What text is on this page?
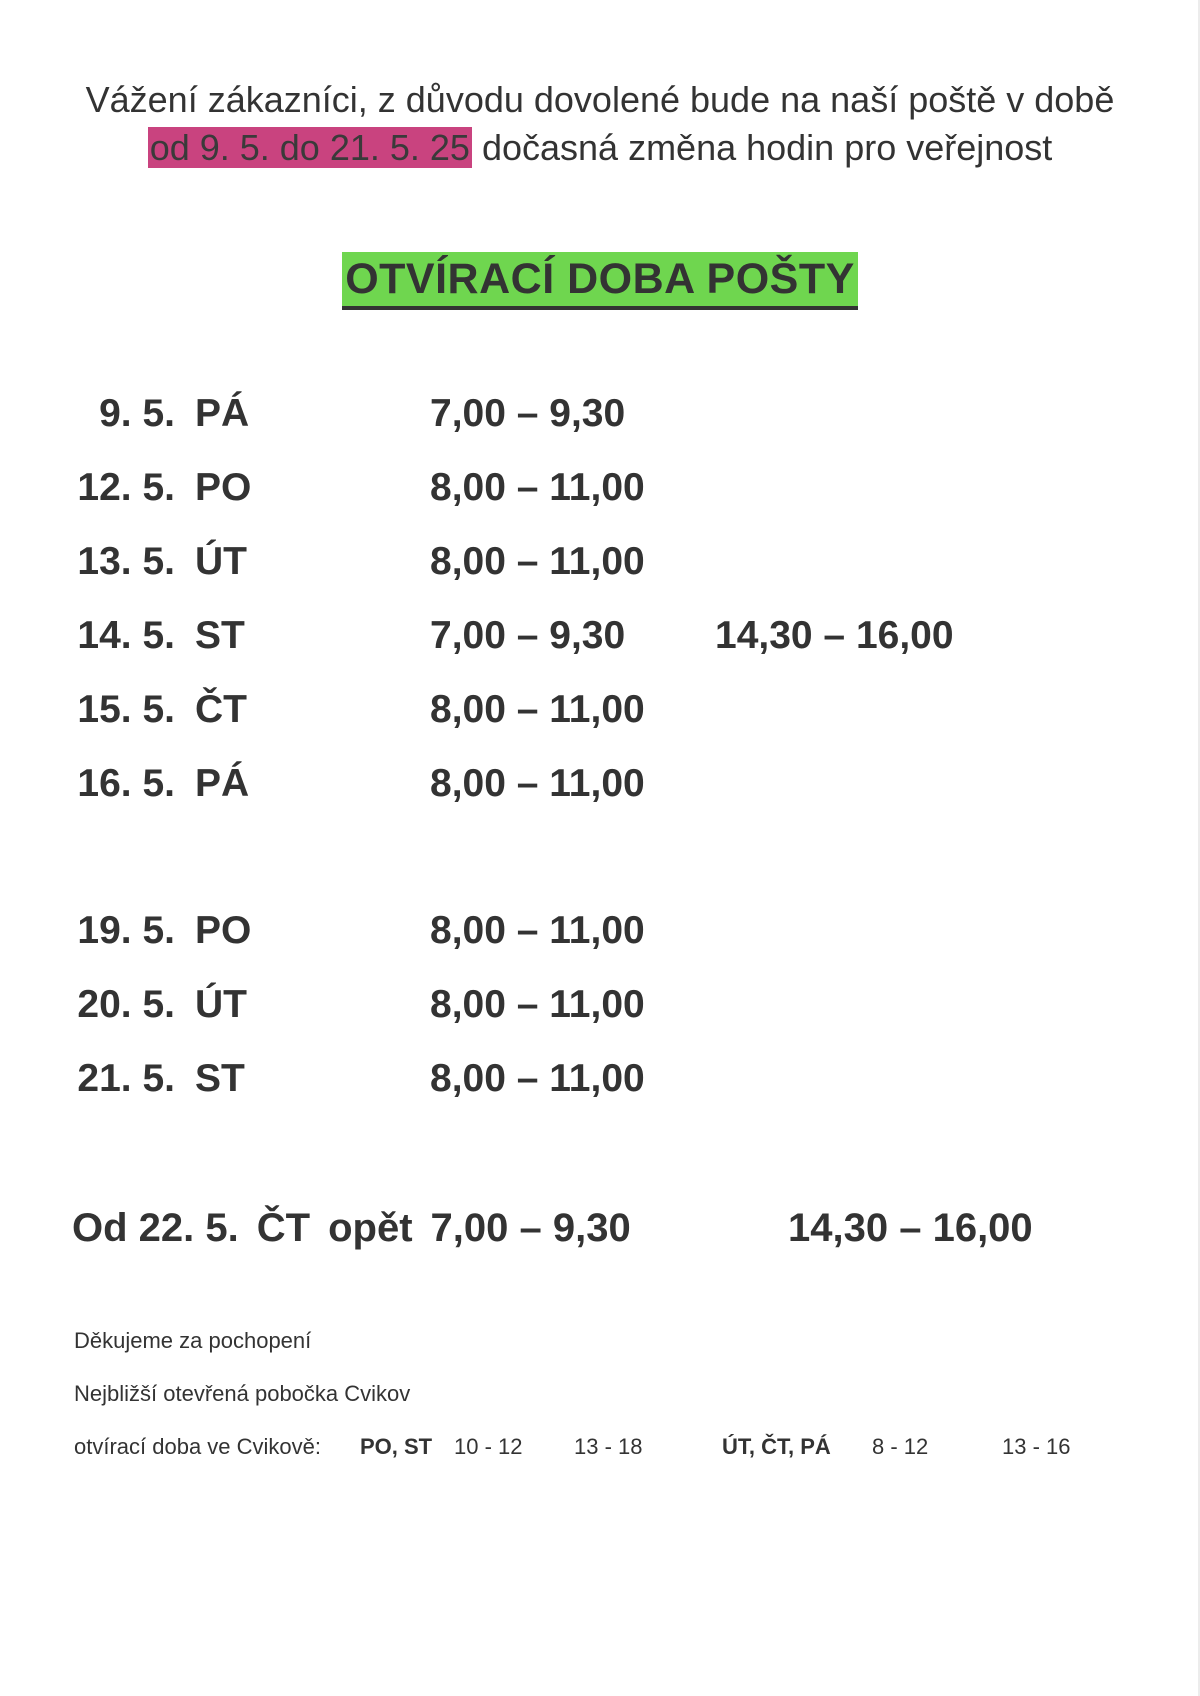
Vážení zákazníci, z důvodu dovolené bude na naší poště v době
od 9. 5. do 21. 5. 25 dočasná změna hodin pro veřejnost
OTVÍRACÍ DOBA POŠTY
9. 5. PÁ	7,00 – 9,30
12. 5. PO	8,00 – 11,00
13. 5. ÚT	8,00 – 11,00
14. 5. ST	7,00 – 9,30 14,30 – 16,00
15. 5. ČT	8,00 – 11,00
16. 5. PÁ	8,00 – 11,00
19. 5. PO	8,00 – 11,00
20. 5. ÚT	8,00 – 11,00
21. 5. ST	8,00 – 11,00
Od 22. 5. ČT opět 7,00 – 9,30	14,30 – 16,00
Děkujeme za pochopení
Nejbližší otevřená pobočka Cvikov
otvírací doba ve Cvikově: PO, ST 10 - 12 13 - 18	ÚT, ČT, PÁ 8 - 12	13 - 16
